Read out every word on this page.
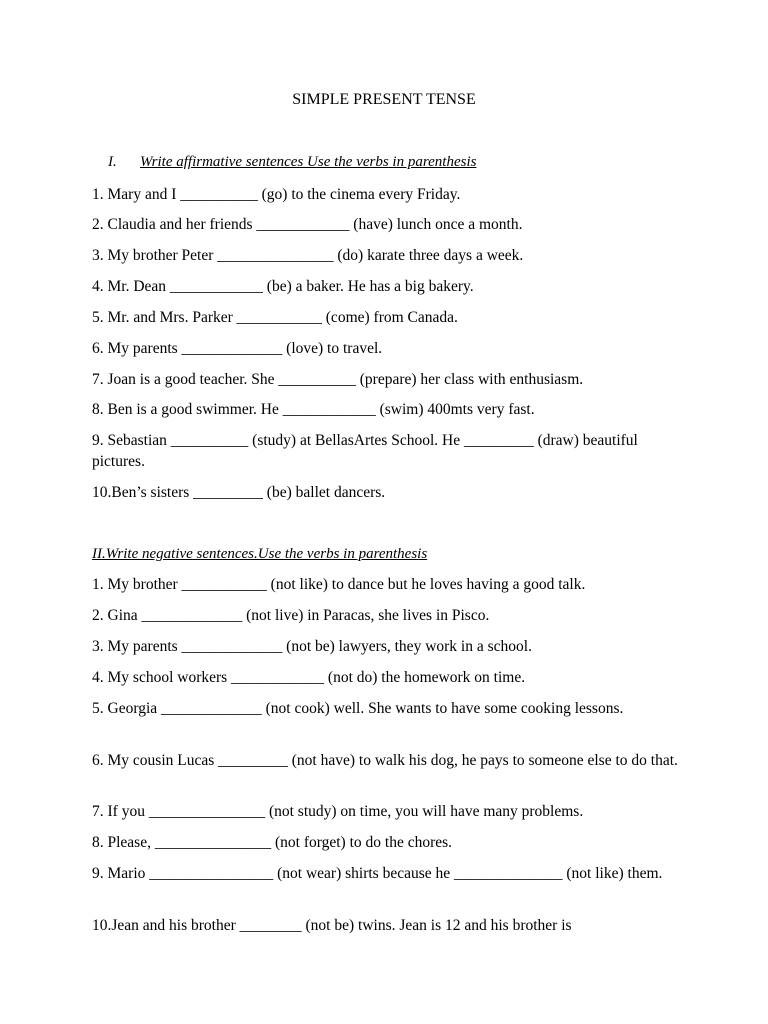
SIMPLE PRESENT TENSE
I. Write affirmative sentences Use the verbs in parenthesis
1. Mary and I __________ (go) to the cinema every Friday.
2. Claudia and her friends ____________ (have) lunch once a month.
3. My brother Peter _______________ (do) karate three days a week.
4. Mr. Dean ____________ (be) a baker. He has a big bakery.
5. Mr. and Mrs. Parker ___________ (come) from Canada.
6. My parents _____________ (love) to travel.
7. Joan is a good teacher. She __________ (prepare) her class with enthusiasm.
8. Ben is a good swimmer. He ____________ (swim) 400mts very fast.
9. Sebastian __________ (study) at BellasArtes School. He _________ (draw) beautiful pictures.
10.Ben’s sisters _________ (be) ballet dancers.
II.Write negative sentences.Use the verbs in parenthesis
1. My brother ___________ (not like) to dance but he loves having a good talk.
2. Gina _____________ (not live) in Paracas, she lives in Pisco.
3. My parents _____________ (not be) lawyers, they work in a school.
4. My school workers ____________ (not do) the homework on time.
5. Georgia _____________ (not cook) well. She wants to have some cooking lessons.
6. My cousin Lucas _________ (not have) to walk his dog, he pays to someone else to do that.
7. If you _______________ (not study) on time, you will have many problems.
8. Please, _______________ (not forget) to do the chores.
9. Mario ________________ (not wear) shirts because he ______________ (not like) them.
10.Jean and his brother ________ (not be) twins. Jean is 12 and his brother is
